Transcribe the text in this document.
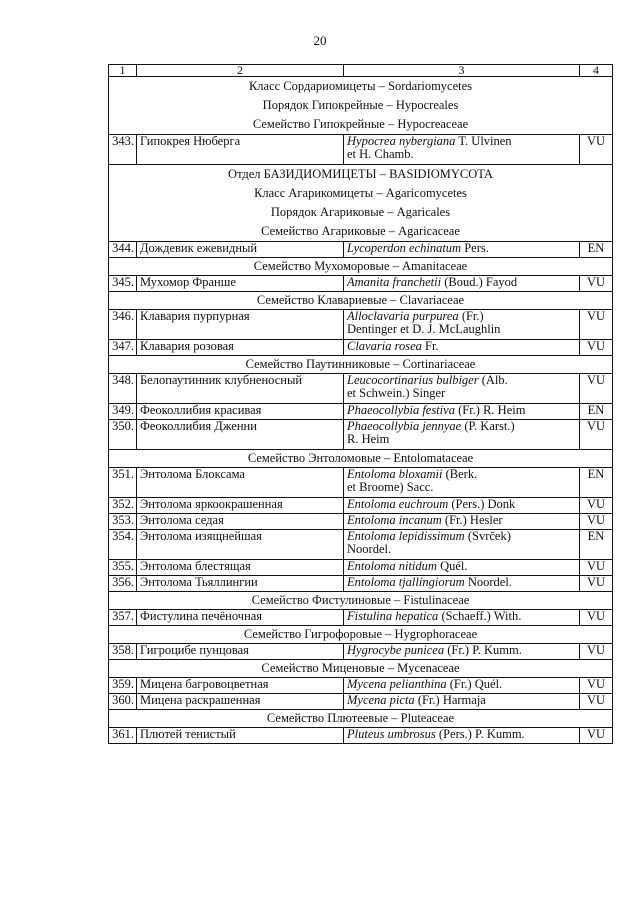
20
1	2	3	4

Класс Сордариомицеты – Sordariomycetes
Порядок Гипокрейные – Hypocreales
Семейство Гипокрейные – Hypocreaceae			

343.	Гипокрея Нюберга	Hypocrea nybergiana T. Ulvinen
et H. Chamb.	VU

Отдел БАЗИДИОМИЦЕТЫ – BASIDIOMYCOTA
Класс Агарикомицеты – Agaricomycetes
Порядок Агариковые – Agaricales
Семейство Агариковые – Agaricaceae			

344.	Дождевик ежевидный	Lycoperdon echinatum Pers.	EN
Семейство Мухоморовые – Amanitaceae			
345.	Мухомор Франше	Amanita franchetii (Boud.) Fayod	VU
Семейство Клавариевые – Clavariaceae			
346.	Клавария пурпурная	Alloclavaria purpurea (Fr.)
Dentinger et D. J. McLaughlin	VU
347.	Клавария розовая	Clavaria rosea Fr.	VU
Семейство Паутинниковые – Cortinariaceae			
348.	Белопаутинник клубненосный	Leucocortinarius bulbiger (Alb.
et Schwein.) Singer	VU
349.	Феоколлибия красивая	Phaeocollybia festiva (Fr.) R. Heim	EN
350.	Феоколлибия Дженни	Phaeocollybia jennyae (P. Karst.)
R. Heim	VU
Семейство Энтоломовые – Entolomataceae			
351.	Энтолома Блоксама	Entoloma bloxamii (Berk.
et Broome) Sacc.	EN
352.	Энтолома яркоокрашенная	Entoloma euchroum (Pers.) Donk	VU
353.	Энтолома седая	Entoloma incanum (Fr.) Hesler	VU
354.	Энтолома изящнейшая	Entoloma lepidissimum (Svrček)
Noordel.	EN
355.	Энтолома блестящая	Entoloma nitidum Quél.	VU
356.	Энтолома Тьяллингии	Entoloma tjallingiorum Noordel.	VU
Семейство Фистулиновые – Fistulinaceae			
357.	Фистулина печёночная	Fistulina hepatica (Schaeff.) With.	VU
Семейство Гигрофоровые – Hygrophoraceae			
358.	Гигроцибе пунцовая	Hygrocybe punicea (Fr.) P. Kumm.	VU
Семейство Миценовые – Mycenaceae			
359.	Мицена багровоцветная	Mycena pelianthina (Fr.) Quél.	VU
360.	Мицена раскрашенная	Mycena picta (Fr.) Harmaja	VU
Семейство Плютеевые – Pluteaceae			
361.	Плютей тенистый	Pluteus umbrosus (Pers.) P. Kumm.	VU
